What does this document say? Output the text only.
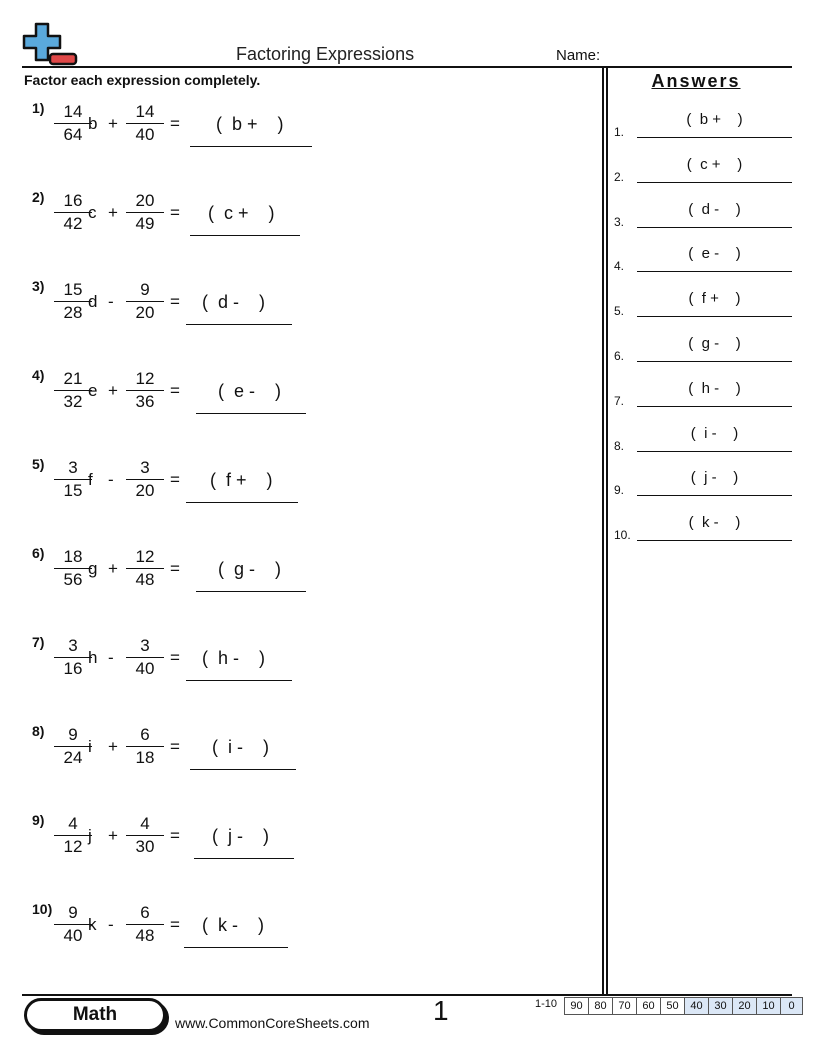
Factoring Expressions	Name:
Factor each expression completely.
1)	14
64
b +
14
40
= (  b +    )
2)	16
42
c +
20
49
= (  c +    )
3)	15
28
d -
9
20
= (  d -    )
4)	21
32
e +
12
36
= (  e -    )
5)	3
15
f -
3
20
= (  f +    )
6)	18
56
g +
12
48
= (  g -    )
7)	3
16
h -
3
40
= (  h -    )
8)	9
24
i +
6
18
= (  i -    )
9)	4
12
j +
4
30
= (  j -    )
10) 9
40
k -
6
48
= (  k -    )
Answers
1.
(  b +    )
2.
(  c +    )
3.
(  d -    )
4.
(  e -    )
5.
(  f +    )
6.
(  g -    )
7.
(  h -    )
8.
(  i -    )
9.
(  j -    )
10.
(  k -    )
Math	www.CommonCoreSheets.com 1	1-10	90	80	70	60	50	40	30	20	10	0
